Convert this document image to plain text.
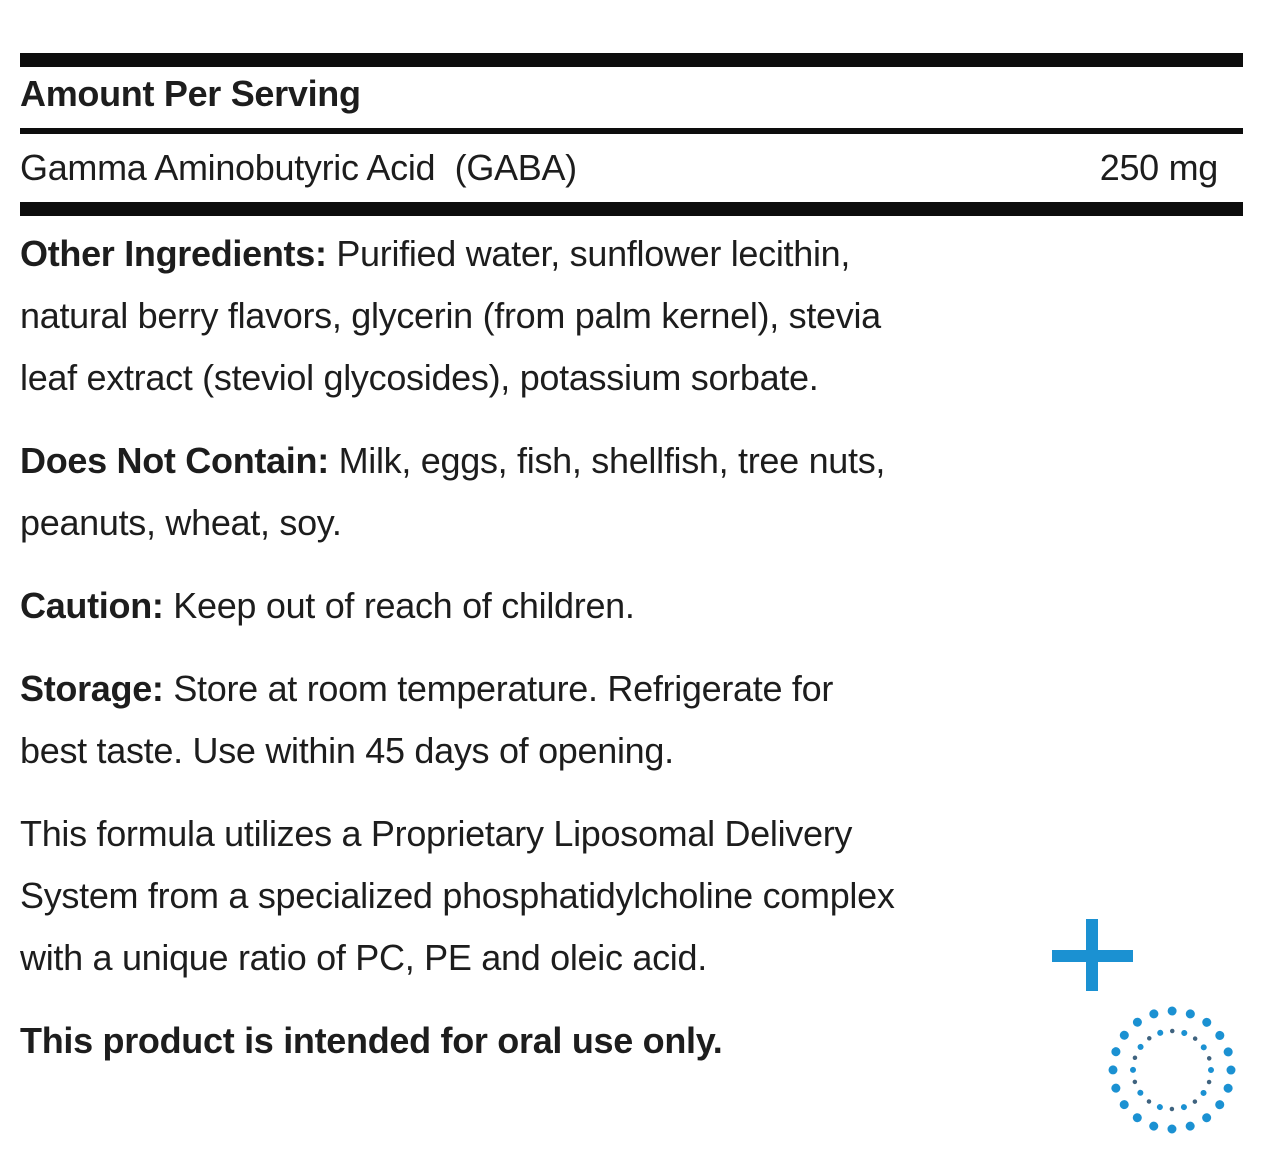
Amount Per Serving
Gamma Aminobutyric Acid  (GABA)	250 mg

Other Ingredients: Purified water, sunflower lecithin,
natural berry flavors, glycerin (from palm kernel), stevia
leaf extract (steviol glycosides), potassium sorbate.

Does Not Contain: Milk, eggs, fish, shellfish, tree nuts,
peanuts, wheat, soy.

Caution: Keep out of reach of children.

Storage: Store at room temperature. Refrigerate for
best taste. Use within 45 days of opening.

This formula utilizes a Proprietary Liposomal Delivery
System from a specialized phosphatidylcholine complex
with a unique ratio of PC, PE and oleic acid.

This product is intended for oral use only.
